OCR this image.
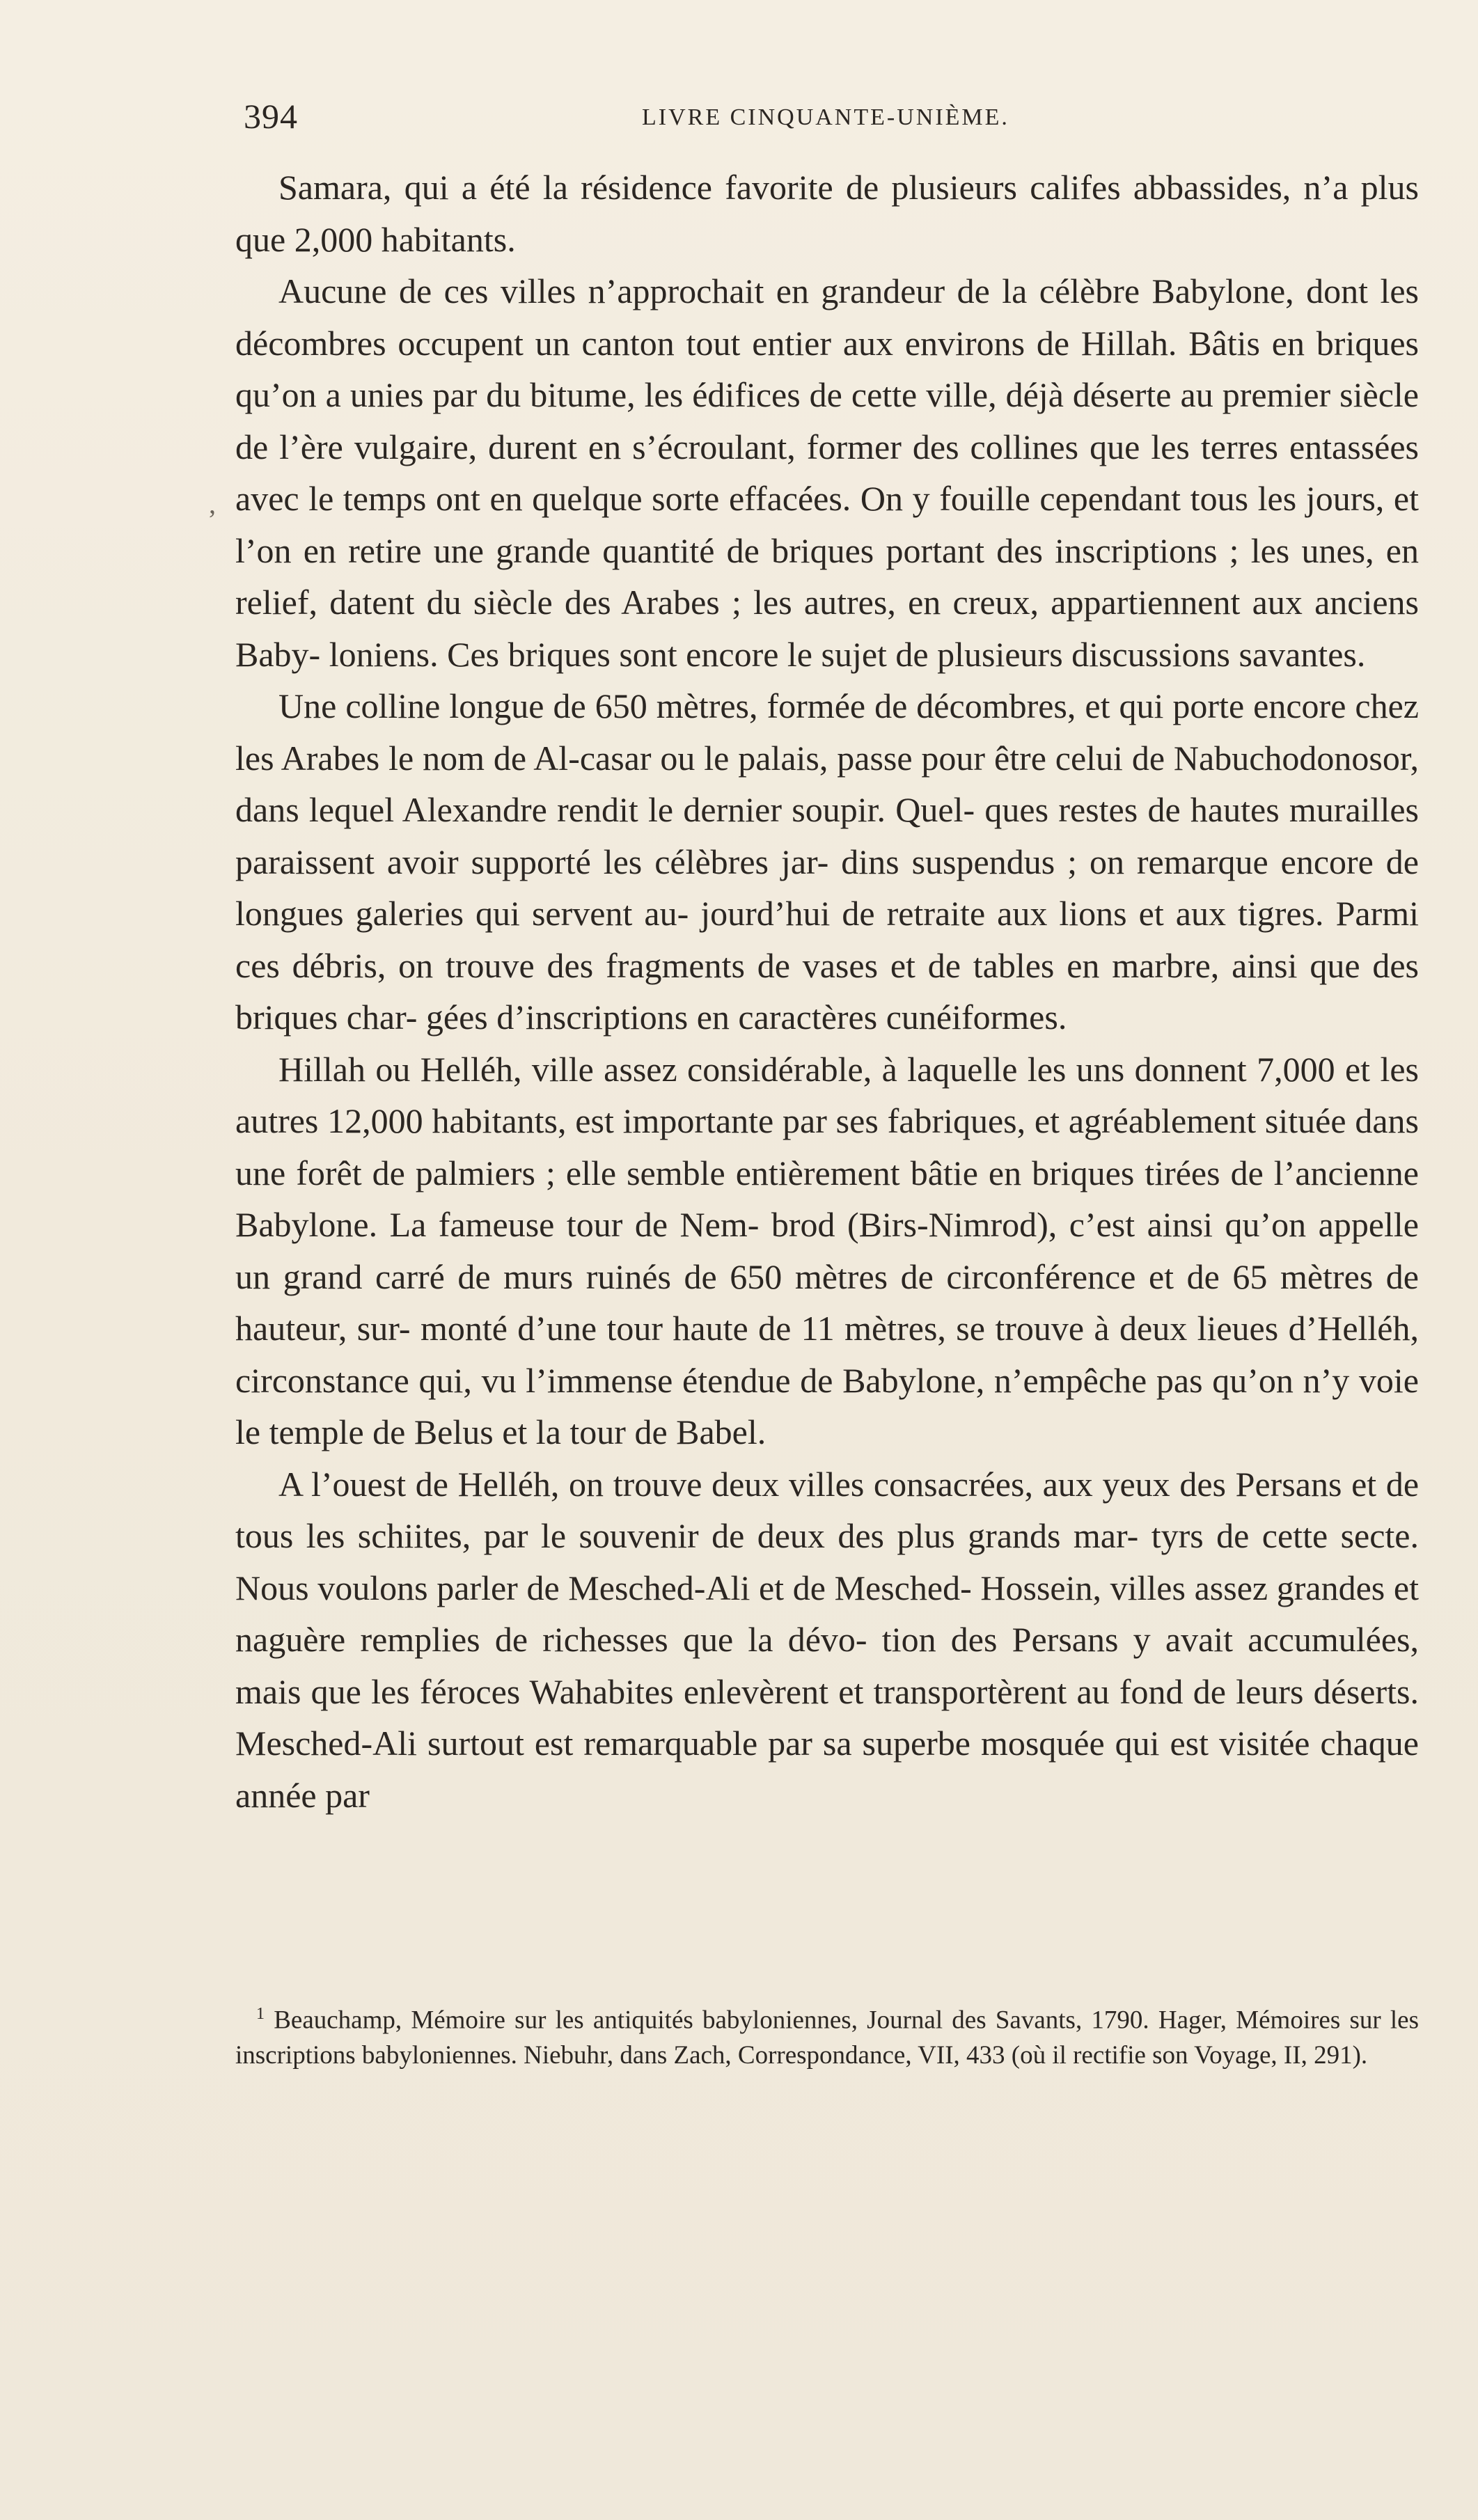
394	LIVRE CINQUANTE-UNIÈME.
,

Samara, qui a été la résidence favorite de plusieurs califes abbassides, n’a plus que 2,000 habitants.

Aucune de ces villes n’approchait en grandeur de la célèbre Babylone, dont les décombres occupent un canton tout entier aux environs de Hillah. Bâtis en briques qu’on a unies par du bitume, les édifices de cette ville, déjà déserte au premier siècle de l’ère vulgaire, durent en s’écroulant, former des collines que les terres entassées avec le temps ont en quelque sorte effacées. On y fouille cependant tous les jours, et l’on en retire une grande quantité de briques portant des inscriptions ; les unes, en relief, datent du siècle des Arabes ; les autres, en creux, appartiennent aux anciens Baby- loniens. Ces briques sont encore le sujet de plusieurs discussions savantes.

Une colline longue de 650 mètres, formée de décombres, et qui porte encore chez les Arabes le nom de Al-casar ou le palais, passe pour être celui de Nabuchodonosor, dans lequel Alexandre rendit le dernier soupir. Quel- ques restes de hautes murailles paraissent avoir supporté les célèbres jar- dins suspendus ; on remarque encore de longues galeries qui servent au- jourd’hui de retraite aux lions et aux tigres. Parmi ces débris, on trouve des fragments de vases et de tables en marbre, ainsi que des briques char- gées d’inscriptions en caractères cunéiformes.

Hillah ou Helléh, ville assez considérable, à laquelle les uns donnent 7,000 et les autres 12,000 habitants, est importante par ses fabriques, et agréablement située dans une forêt de palmiers ; elle semble entièrement bâtie en briques tirées de l’ancienne Babylone. La fameuse tour de Nem- brod (Birs-Nimrod), c’est ainsi qu’on appelle un grand carré de murs ruinés de 650 mètres de circonférence et de 65 mètres de hauteur, sur- monté d’une tour haute de 11 mètres, se trouve à deux lieues d’Helléh, circonstance qui, vu l’immense étendue de Babylone, n’empêche pas qu’on n’y voie le temple de Belus et la tour de Babel.

A l’ouest de Helléh, on trouve deux villes consacrées, aux yeux des Persans et de tous les schiites, par le souvenir de deux des plus grands mar- tyrs de cette secte. Nous voulons parler de Mesched-Ali et de Mesched- Hossein, villes assez grandes et naguère remplies de richesses que la dévo- tion des Persans y avait accumulées, mais que les féroces Wahabites enlevèrent et transportèrent au fond de leurs déserts. Mesched-Ali surtout est remarquable par sa superbe mosquée qui est visitée chaque année par

$^1$ Beauchamp, Mémoire sur les antiquités babyloniennes, Journal des Savants, 1790. Hager, Mémoires sur les inscriptions babyloniennes. Niebuhr, dans Zach, Correspondance, VII, 433 (où il rectifie son Voyage, II, 291).
